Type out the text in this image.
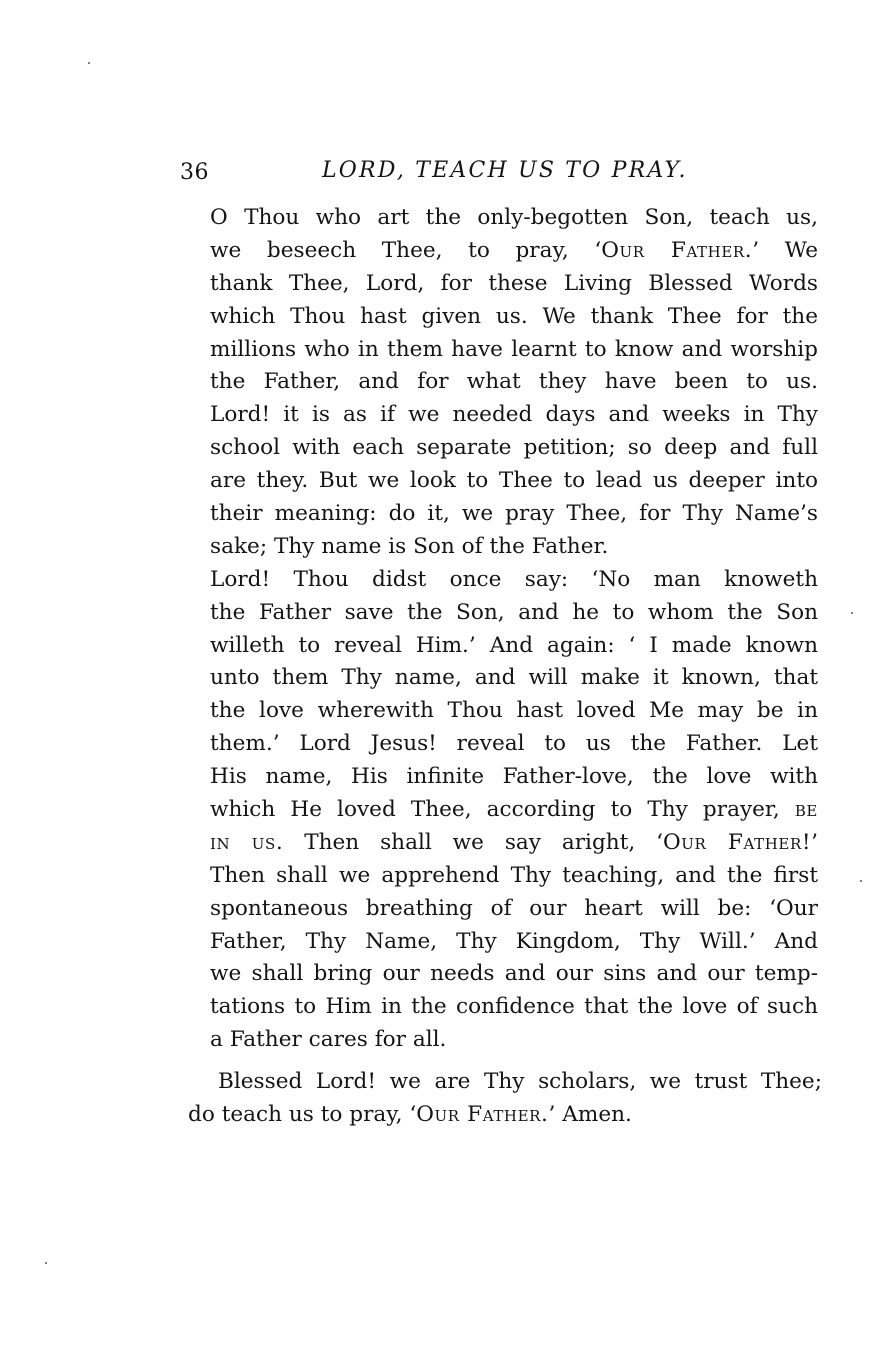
36	LORD, TEACH US TO PRAY.

O Thou who art the only-begotten Son, teach us,
we beseech Thee, to pray, ‘Our Father.’ We
thank Thee, Lord, for these Living Blessed Words
which Thou hast given us. We thank Thee for the
millions who in them have learnt to know and worship
the Father, and for what they have been to us.
Lord! it is as if we needed days and weeks in Thy
school with each separate petition; so deep and full
are they. But we look to Thee to lead us deeper into
their meaning: do it, we pray Thee, for Thy Name’s
sake; Thy name is Son of the Father.

Lord! Thou didst once say: ‘No man knoweth
the Father save the Son, and he to whom the Son
willeth to reveal Him.’ And again: ‘ I made known
unto them Thy name, and will make it known, that
the love wherewith Thou hast loved Me may be in
them.’ Lord Jesus! reveal to us the Father. Let
His name, His infinite Father-love, the love with
which He loved Thee, according to Thy prayer, be
in us. Then shall we say aright, ‘Our Father!’
Then shall we apprehend Thy teaching, and the first
spontaneous breathing of our heart will be: ‘Our
Father, Thy Name, Thy Kingdom, Thy Will.’ And
we shall bring our needs and our sins and our temp-
tations to Him in the confidence that the love of such
a Father cares for all.

Blessed Lord! we are Thy scholars, we trust Thee;
do teach us to pray, ‘Our Father.’ Amen.
